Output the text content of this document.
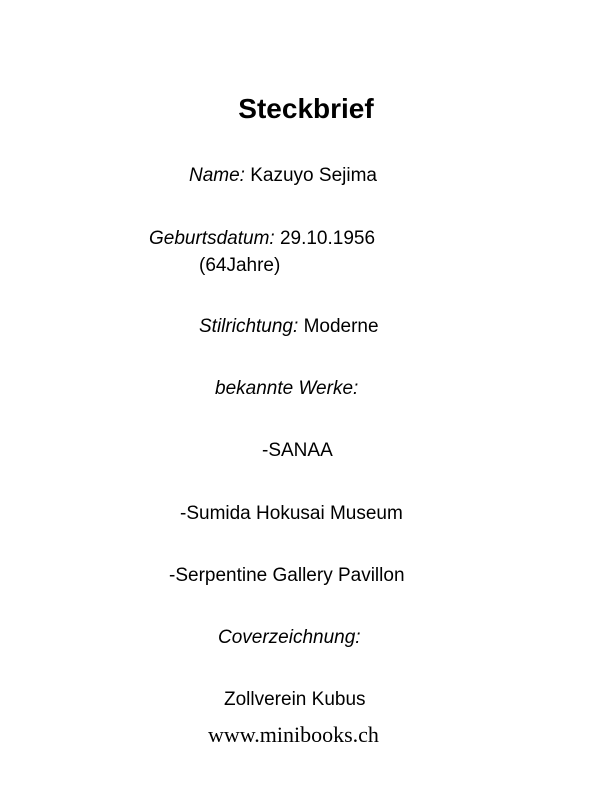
Steckbrief
Name: Kazuyo Sejima
Geburtsdatum: 29.10.1956
(64Jahre)
Stilrichtung: Moderne
bekannte Werke:
-SANAA
-Sumida Hokusai Museum
-Serpentine Gallery Pavillon
Coverzeichnung:
Zollverein Kubus
www.minibooks.ch
